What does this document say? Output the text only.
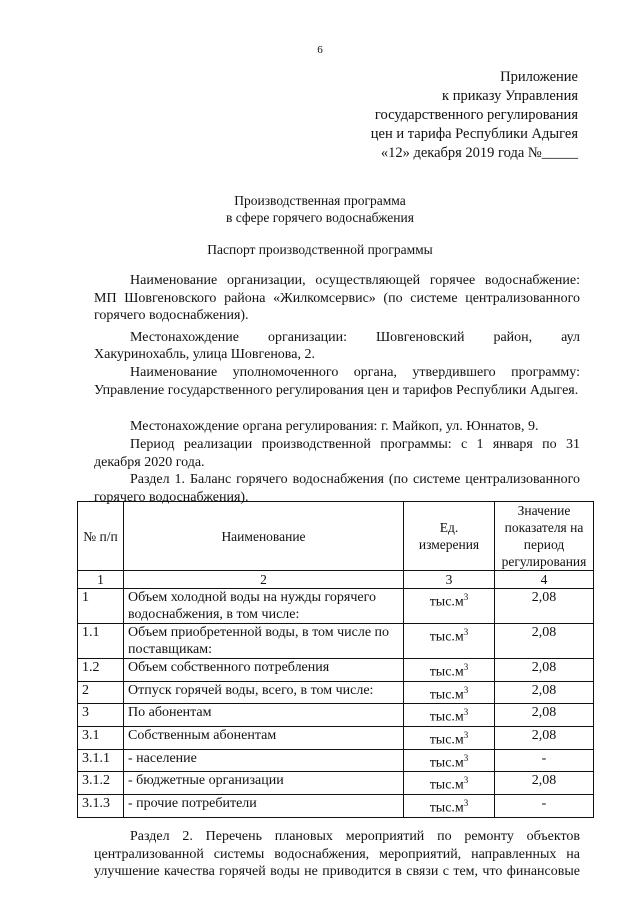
6
Приложение
к приказу Управления
государственного регулирования
цен и тарифа Республики Адыгея
«12» декабря 2019 года №_____
Производственная программа
в сфере горячего водоснабжения
Паспорт производственной программы

Наименование организации, осуществляющей горячее водоснабжение: МП Шовгеновского района «Жилкомсервис» (по системе централизованного горячего водоснабжения).

Местонахождение организации: Шовгеновский район, аул

Хакуринохабль, улица Шовгенова, 2.

Наименование уполномоченного органа, утвердившего программу: Управление государственного регулирования цен и тарифов Республики Адыгея.

Местонахождение органа регулирования: г. Майкоп, ул. Юннатов, 9.

Период реализации производственной программы: с 1 января по 31 декабря 2020 года.

Раздел 1. Баланс горячего водоснабжения (по системе централизованного горячего водоснабжения).

№ п/п	Наименование	Ед. измерения	Значение показателя на период регулирования
1	2	3	4
1	Объем холодной воды на нужды горячего водоснабжения, в том числе:	$тыс.м^3$	2,08
1.1	Объем приобретенной воды, в том числе по поставщикам:	$тыс.м^3$	2,08
1.2	Объем собственного потребления	$тыс.м^3$	2,08
2	Отпуск горячей воды, всего, в том числе:	$тыс.м^3$	2,08
3	По абонентам	$тыс.м^3$	2,08
3.1	Собственным абонентам	$тыс.м^3$	2,08
3.1.1	- население	$тыс.м^3$	-
3.1.2	- бюджетные организации	$тыс.м^3$	2,08
3.1.3	- прочие потребители	$тыс.м^3$	-

Раздел 2. Перечень плановых мероприятий по ремонту объектов централизованной системы водоснабжения, мероприятий, направленных на улучшение качества горячей воды не приводится в связи с тем, что финансовые
